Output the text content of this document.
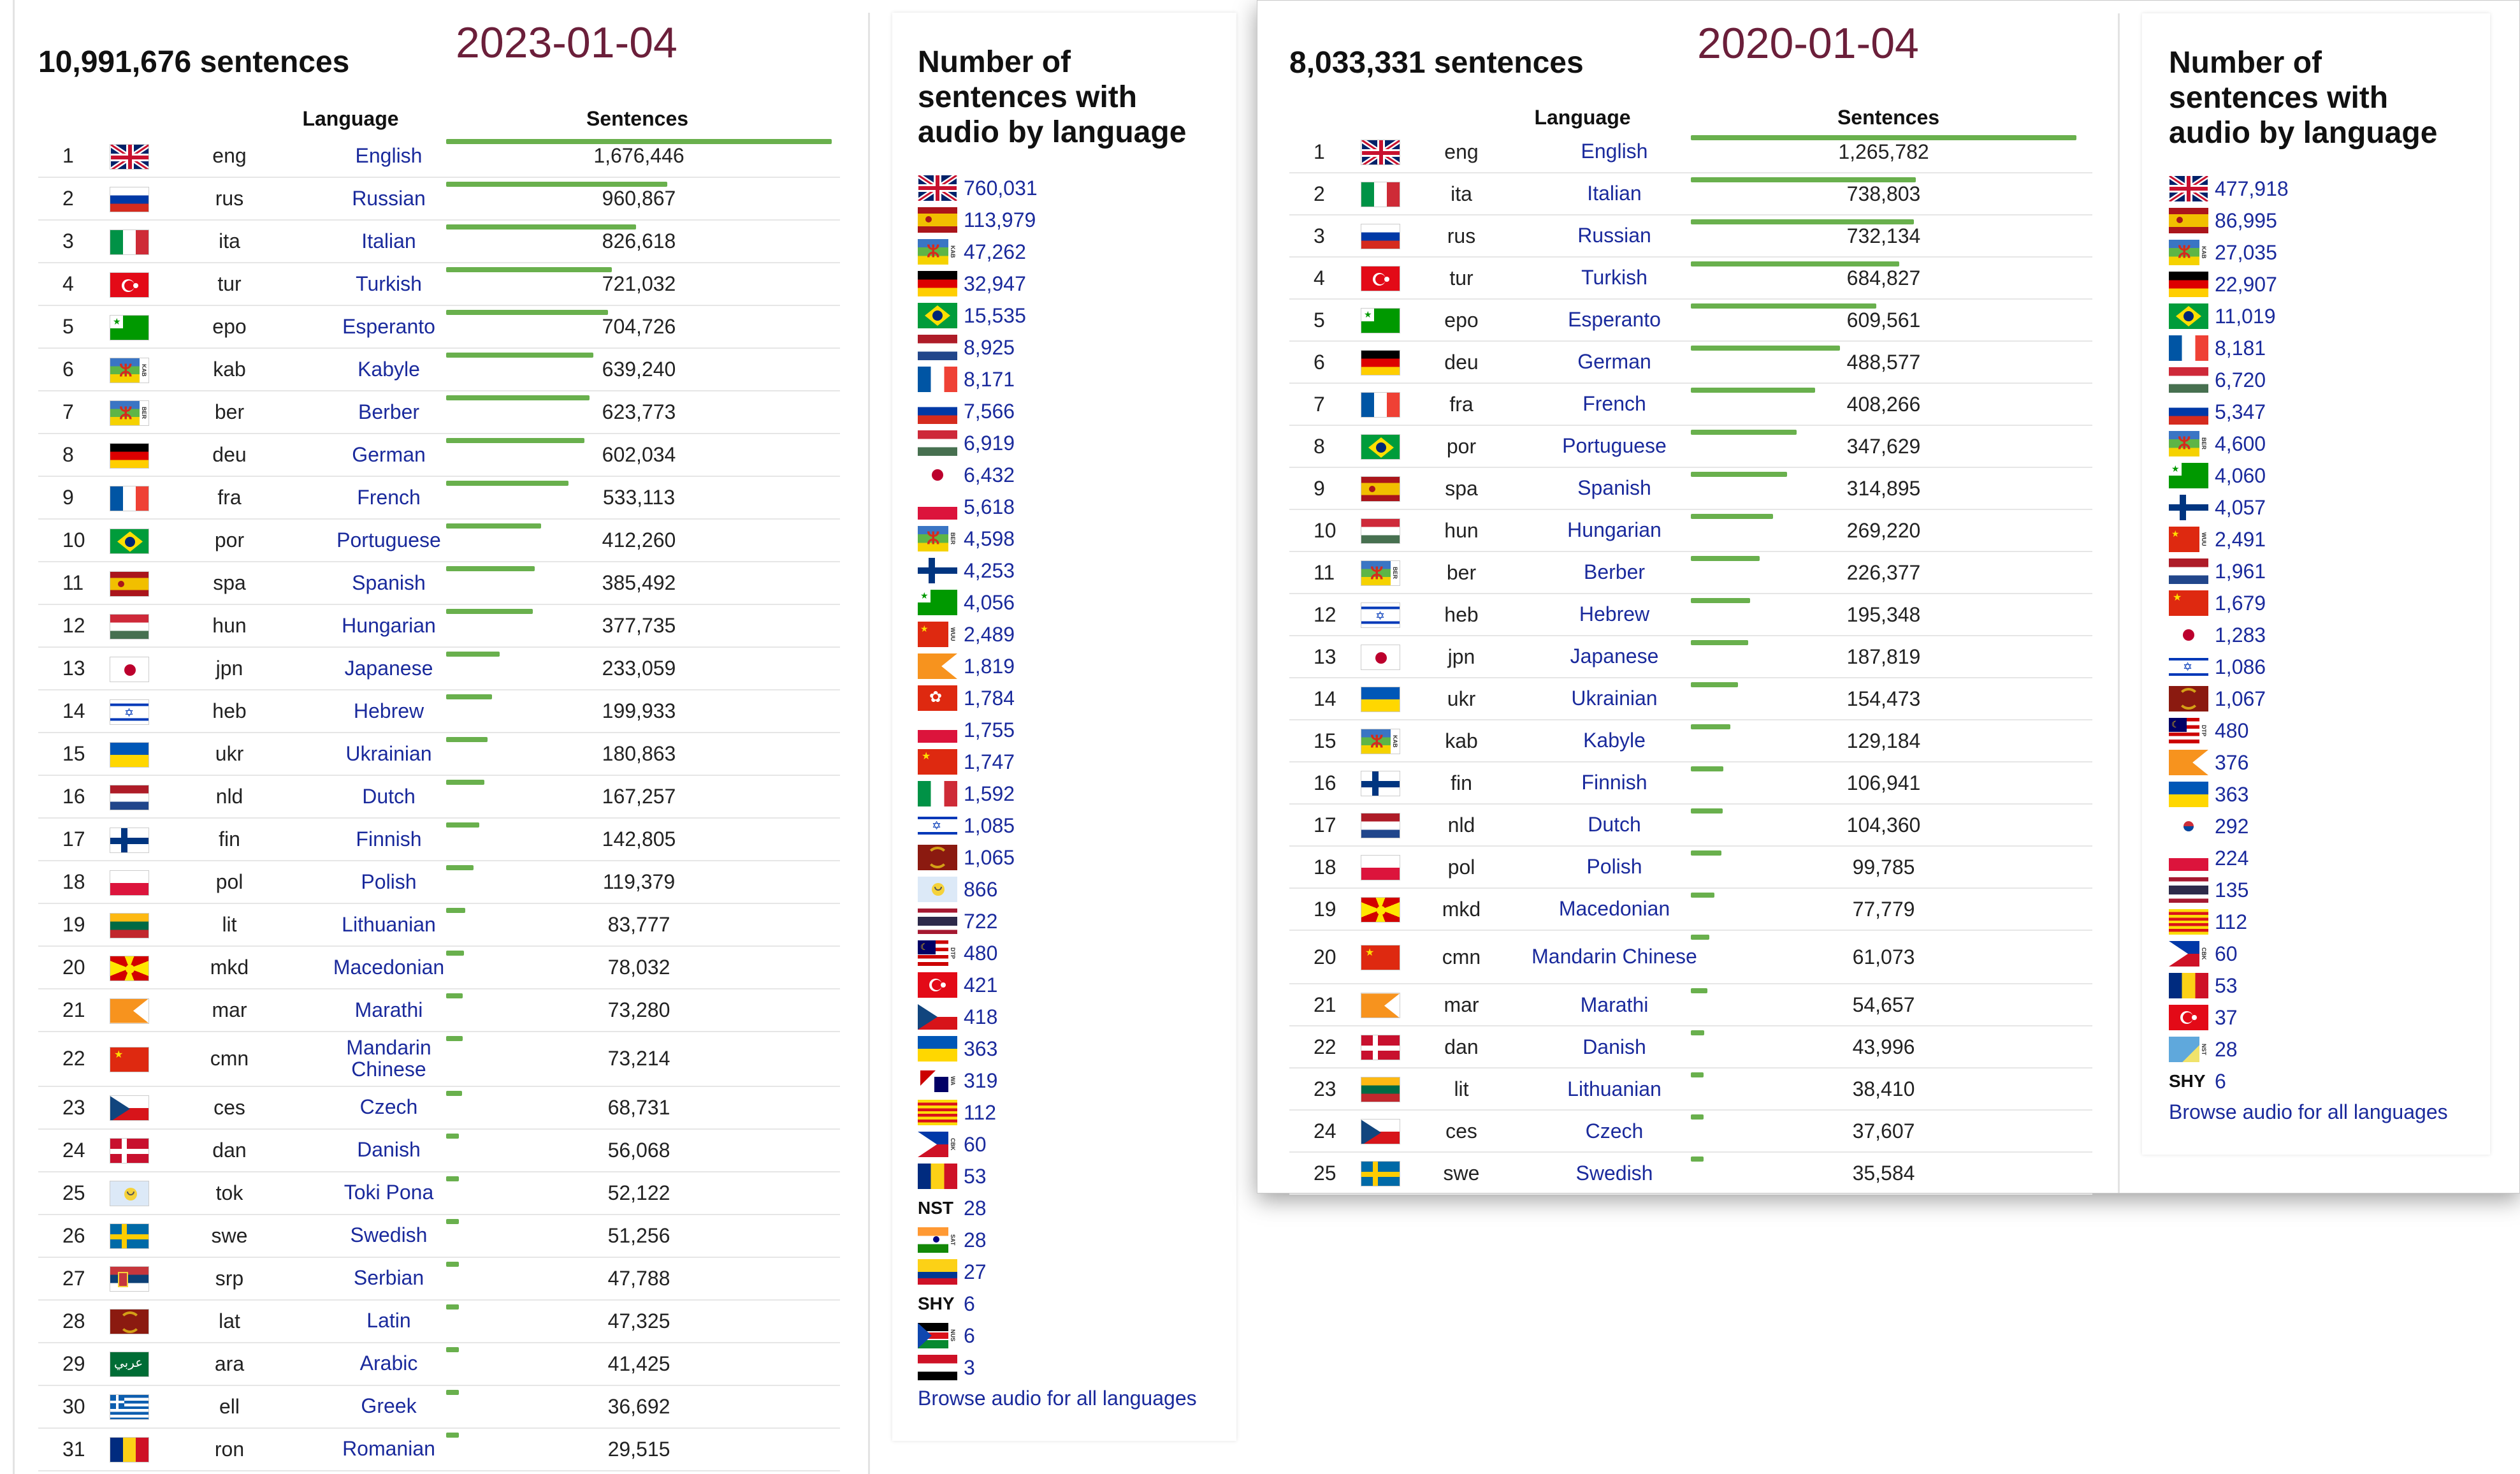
10,991,676 sentences 2023-01-04
Language	Sentences
1	eng	English	1,676,446
2	rus	Russian	960,867
3	ita	Italian	826,618
4	tur	Turkish	721,032
5	★	epo	Esperanto	704,726
6	ⵣ KAB	kab	Kabyle	639,240
7	ⵣ BER	ber	Berber	623,773
8	deu	German	602,034
9	fra	French	533,113
10	por	Portuguese	412,260
11	spa	Spanish	385,492
12	hun	Hungarian	377,735
13	jpn	Japanese	233,059
14	✡	heb	Hebrew	199,933
15	ukr	Ukrainian	180,863
16	nld	Dutch	167,257
17	fin	Finnish	142,805
18	pol	Polish	119,379
19	lit	Lithuanian	83,777
20	mkd	Macedonian	78,032
21	mar	Marathi	73,280
22	★	cmn	Mandarin Chinese	73,214
23	ces	Czech	68,731
24	dan	Danish	56,068
25	tok	Toki Pona	52,122
26	swe	Swedish	51,256
27	srp	Serbian	47,788
28	lat	Latin	47,325
29	عربي	ara	Arabic	41,425
30	ell	Greek	36,692
31	ron	Romanian	29,515
Number of
sentences with
audio by language
760,031
113,979
ⵣ KAB 47,262
32,947
15,535
8,925
8,171
7,566
6,919
6,432
5,618
ⵣ BER 4,598
4,253
★ 4,056
★	WUU 2,489
1,819
✿ 1,784
1,755
★ 1,747
1,592
✡ 1,085
1,065
866
722
☾
DTP 480
421
418
363
WA 319
112
CBK 60
53
NST 28
SAT 28
27
SHY 6
NUS 6
3
Browse audio for all languages
8,033,331 sentences	2020-01-04
Language	Sentences
1	eng	English	1,265,782
2	ita	Italian	738,803
3	rus	Russian	732,134
4	tur	Turkish	684,827
5	★	epo	Esperanto	609,561
6	deu	German	488,577
7	fra	French	408,266
8	por	Portuguese	347,629
9	spa	Spanish	314,895
10	hun	Hungarian	269,220
11	ⵣ BER	ber	Berber	226,377
12	✡	heb	Hebrew	195,348
13	jpn	Japanese	187,819
14	ukr	Ukrainian	154,473
15	ⵣ KAB	kab	Kabyle	129,184
16	fin	Finnish	106,941
17	nld	Dutch	104,360
18	pol	Polish	99,785
19	mkd	Macedonian	77,779
20	★	cmn	Mandarin Chinese	61,073
21	mar	Marathi	54,657
22	dan	Danish	43,996
23	lit	Lithuanian	38,410
24	ces	Czech	37,607
25	swe	Swedish	35,584
Number of
sentences with
audio by language
477,918
86,995
ⵣ KAB 27,035
22,907
11,019
8,181
6,720
5,347
ⵣ BER 4,600
★ 4,060
4,057
★	WUU 2,491
1,961
★ 1,679
1,283
✡ 1,086
1,067
☾
DTP 480
376
363
292
224
135
112
CBK 60
53
37
NST 28
SHY 6
Browse audio for all languages
